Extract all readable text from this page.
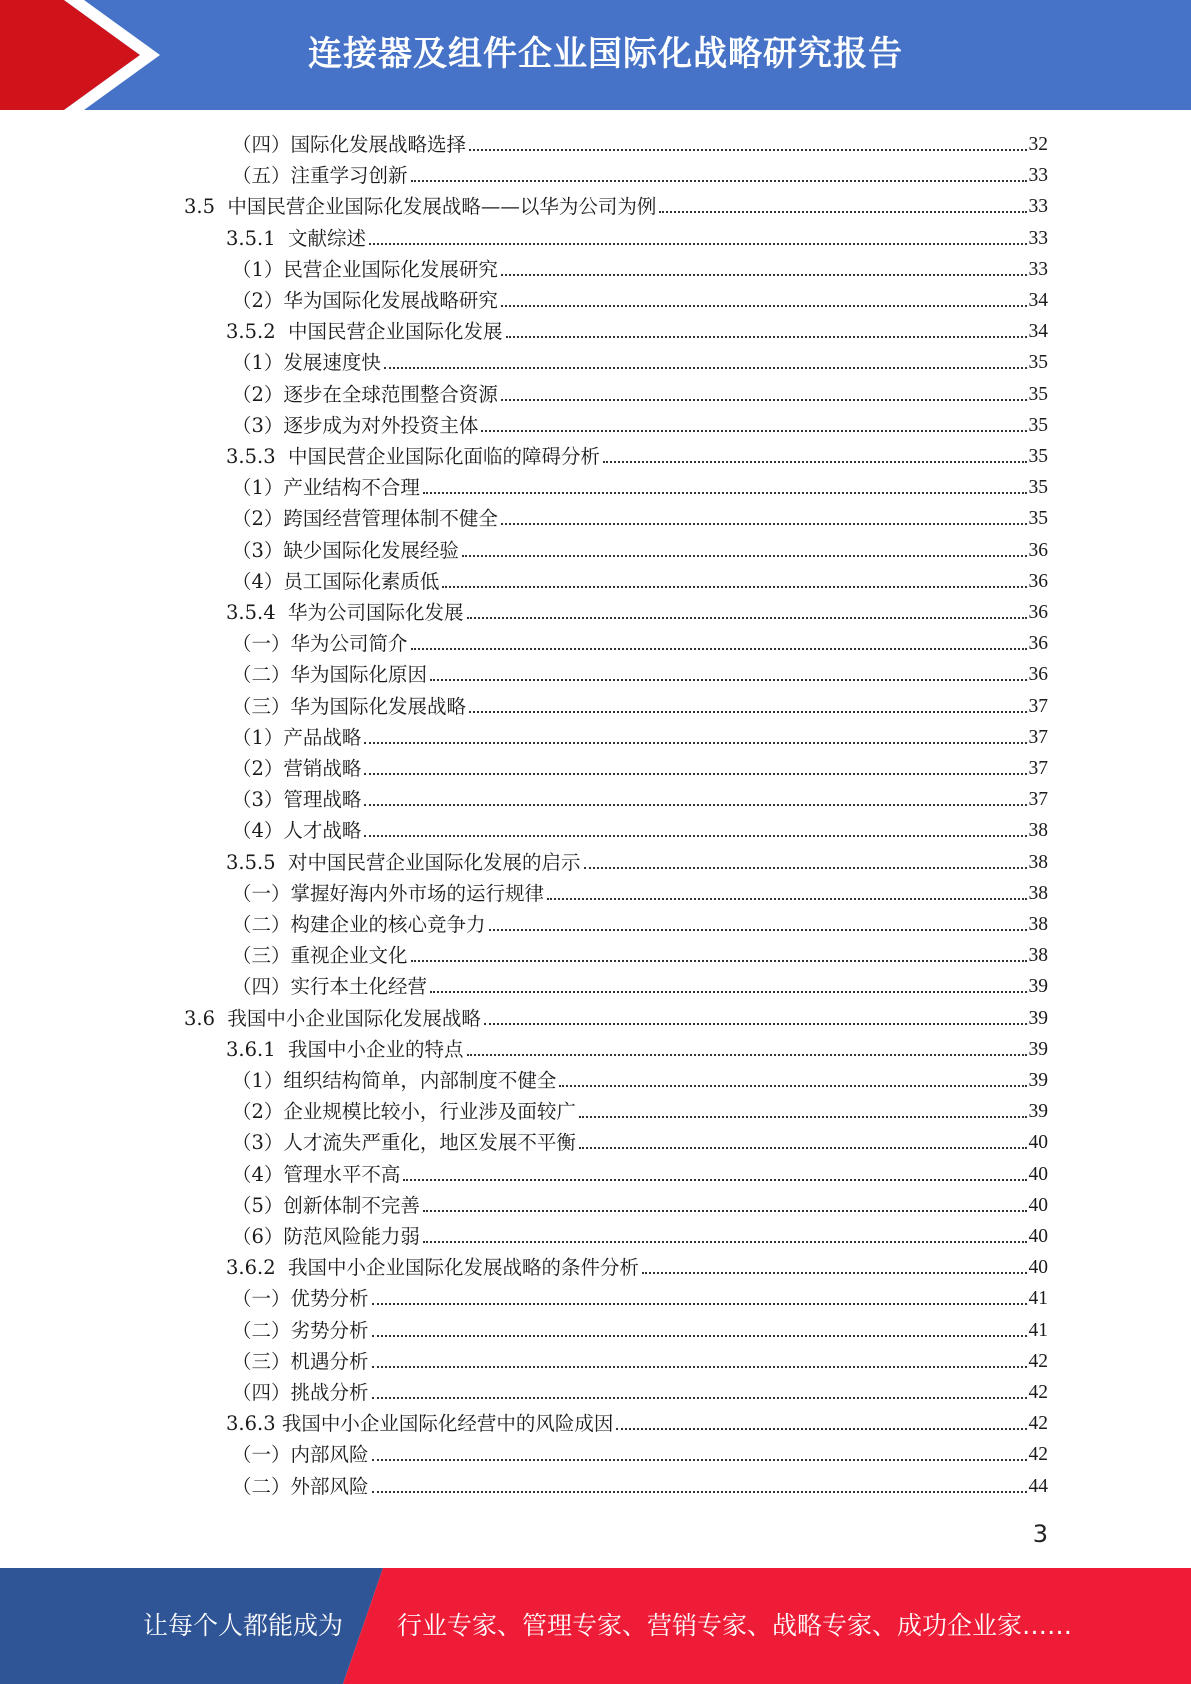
连接器及组件企业国际化战略研究报告
（四）国际化发展战略选择	32
（五）注重学习创新	33
3.5  中国民营企业国际化发展战略——以华为公司为例	33
3.5.1  文献综述	33
（1）民营企业国际化发展研究	33
（2）华为国际化发展战略研究	34
3.5.2  中国民营企业国际化发展	34
（1）发展速度快	35
（2）逐步在全球范围整合资源	35
（3）逐步成为对外投资主体	35
3.5.3  中国民营企业国际化面临的障碍分析	35
（1）产业结构不合理	35
（2）跨国经营管理体制不健全	35
（3）缺少国际化发展经验	36
（4）员工国际化素质低	36
3.5.4  华为公司国际化发展	36
（一）华为公司简介	36
（二）华为国际化原因	36
（三）华为国际化发展战略	37
（1）产品战略	37
（2）营销战略	37
（3）管理战略	37
（4）人才战略	38
3.5.5  对中国民营企业国际化发展的启示	38
（一）掌握好海内外市场的运行规律	38
（二）构建企业的核心竞争力	38
（三）重视企业文化	38
（四）实行本土化经营	39
3.6  我国中小企业国际化发展战略	39
3.6.1  我国中小企业的特点	39
（1）组织结构简单，内部制度不健全	39
（2）企业规模比较小，行业涉及面较广	39
（3）人才流失严重化，地区发展不平衡	40
（4）管理水平不高	40
（5）创新体制不完善	40
（6）防范风险能力弱	40
3.6.2  我国中小企业国际化发展战略的条件分析	40
（一）优势分析	41
（二）劣势分析	41
（三）机遇分析	42
（四）挑战分析	42
3.6.3 我国中小企业国际化经营中的风险成因	42
（一）内部风险	42
（二）外部风险	44
3
让每个人都能成为 行业专家、管理专家、营销专家、战略专家、成功企业家……
